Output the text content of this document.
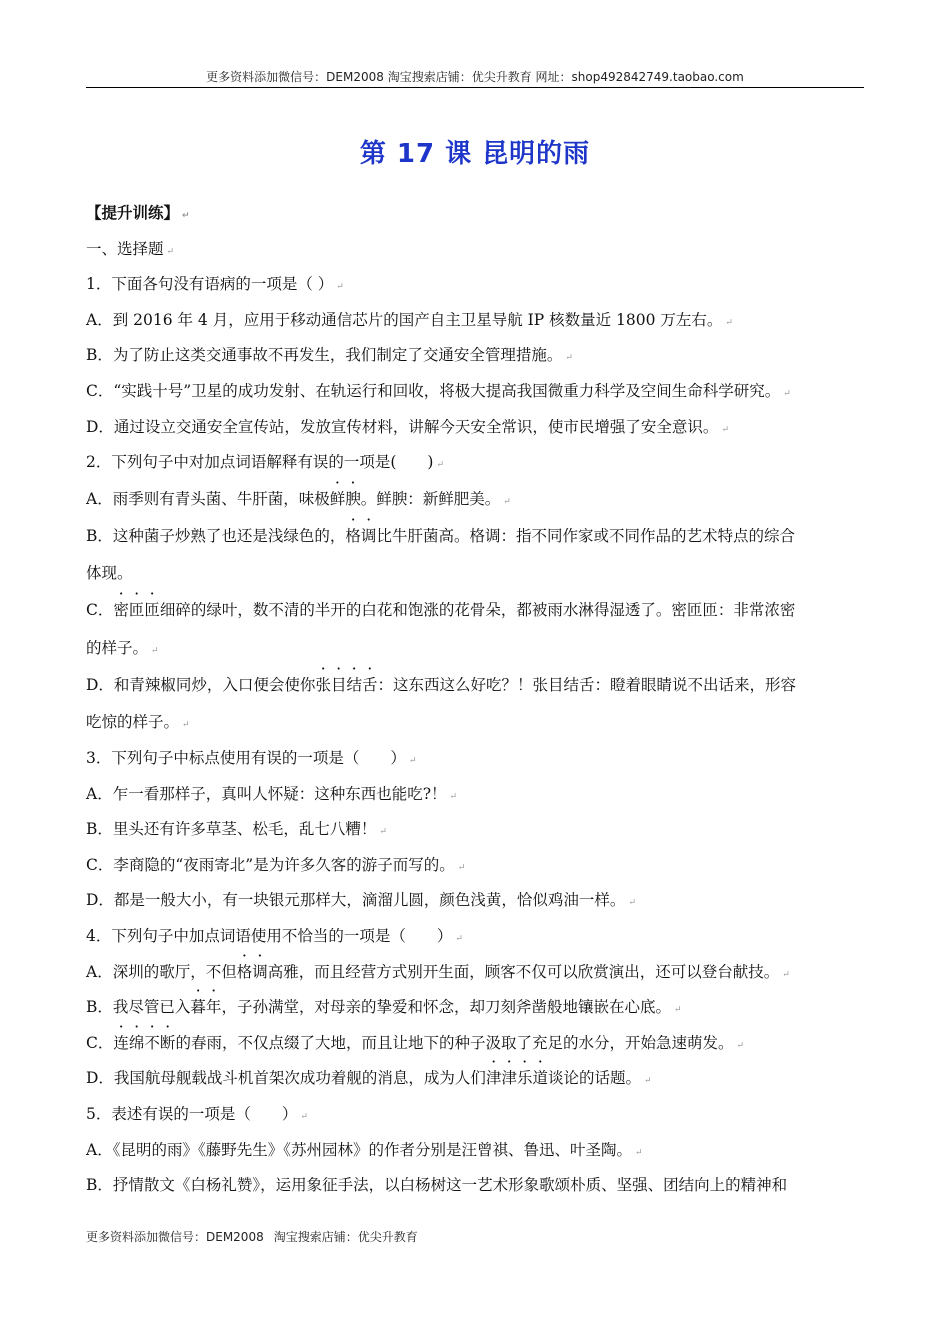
更多资料添加微信号：DEM2008 淘宝搜索店铺：优尖升教育 网址：shop492842749.taobao.com
第 17 课 昆明的雨
【提升训练】 ↵
一、选择题 ↵
1．下面各句没有语病的一项是（ ） ↵
A．到 2016 年 4 月，应用于移动通信芯片的国产自主卫星导航 IP 核数量近 1800 万左右。 ↵
B．为了防止这类交通事故不再发生，我们制定了交通安全管理措施。 ↵
C．“实践十号”卫星的成功发射、在轨运行和回收，将极大提高我国微重力科学及空间生命科学研究。 ↵
D．通过设立交通安全宣传站，发放宣传材料，讲解今天安全常识，使市民增强了安全意识。 ↵
2．下列句子中对加点词语解释有误的一项是(　　) ↵
A．雨季则有青头菌、牛肝菌，味极鲜腴。鲜腴：新鲜肥美。 ↵
B．这种菌子炒熟了也还是浅绿色的，格调比牛肝菌高。格调：指不同作家或不同作品的艺术特点的综合
体现。
C．密匝匝细碎的绿叶，数不清的半开的白花和饱涨的花骨朵，都被雨水淋得湿透了。密匝匝：非常浓密
的样子。 ↵
D．和青辣椒同炒，入口便会使你张目结舌：这东西这么好吃？！张目结舌：瞪着眼睛说不出话来，形容
吃惊的样子。 ↵
3．下列句子中标点使用有误的一项是（　　） ↵
A．乍一看那样子，真叫人怀疑：这种东西也能吃?！ ↵
B．里头还有许多草茎、松毛，乱七八糟！ ↵
C．李商隐的“夜雨寄北”是为许多久客的游子而写的。 ↵
D．都是一般大小，有一块银元那样大，滴溜儿圆，颜色浅黄，恰似鸡油一样。 ↵
4．下列句子中加点词语使用不恰当的一项是（　　） ↵
A．深圳的歌厅，不但格调高雅，而且经营方式别开生面，顾客不仅可以欣赏演出，还可以登台献技。 ↵
B．我尽管已入暮年，子孙满堂，对母亲的挚爱和怀念，却刀刻斧凿般地镶嵌在心底。 ↵
C．连绵不断的春雨，不仅点缀了大地，而且让地下的种子汲取了充足的水分，开始急速萌发。 ↵
D．我国航母舰载战斗机首架次成功着舰的消息，成为人们津津乐道谈论的话题。 ↵
5．表述有误的一项是（　　） ↵
A．《昆明的雨》《藤野先生》《苏州园林》的作者分别是汪曾祺、鲁迅、叶圣陶。 ↵
B．抒情散文《白杨礼赞》，运用象征手法，以白杨树这一艺术形象歌颂朴质、坚强、团结向上的精神和
更多资料添加微信号：DEM2008 淘宝搜索店铺：优尖升教育
